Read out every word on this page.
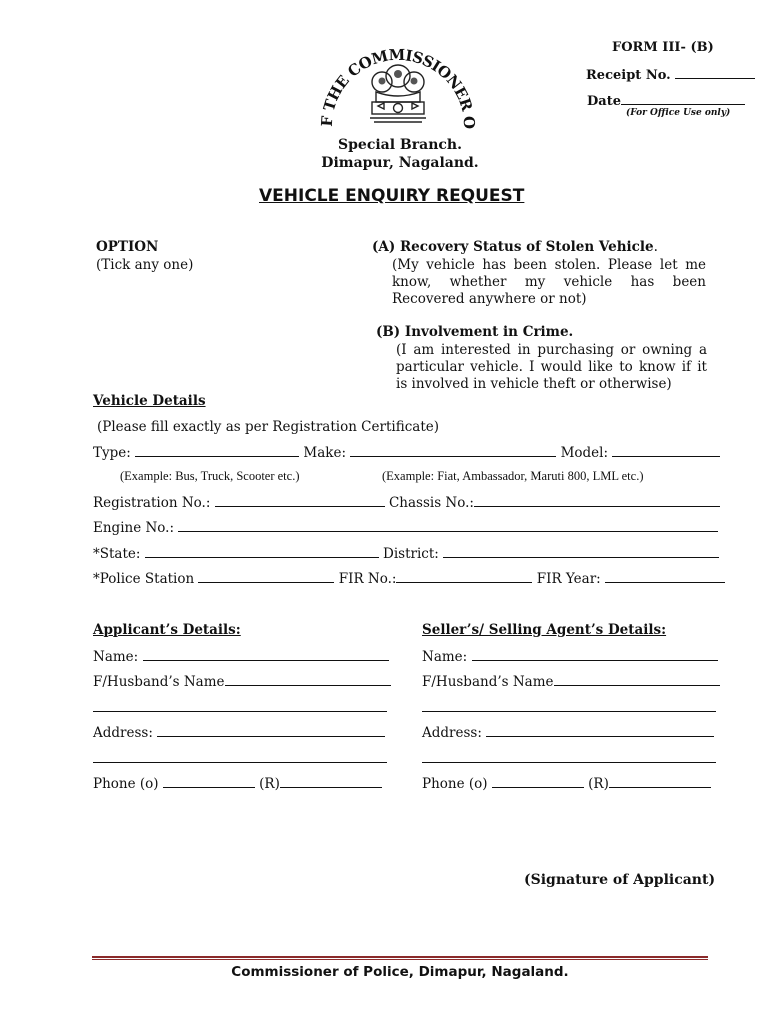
F THE COMMISSIONER O
Special Branch.
Dimapur, Nagaland.
FORM III- (B)
Receipt No.
Date
(For Office Use only)
VEHICLE ENQUIRY REQUEST
OPTION
(Tick any one)
(A) Recovery Status of Stolen Vehicle.
(My vehicle has been stolen. Please let me know, whether my vehicle has been Recovered anywhere or not)
(B) Involvement in Crime.
(I am interested in purchasing or owning a particular vehicle. I would like to know if it is involved in vehicle theft or otherwise)
Vehicle Details
(Please fill exactly as per Registration Certificate)
Type:	Make:	Model:
(Example: Bus, Truck, Scooter etc.)	(Example: Fiat, Ambassador, Maruti 800, LML etc.)
Registration No.:	Chassis No.:
Engine No.:
*State:	District:
*Police Station	FIR No.:	FIR Year:
Applicant’s Details:
Name:
F/Husband’s Name
Address:
Phone (o)	(R)
Seller’s/ Selling Agent’s Details:
Name:
F/Husband’s Name
Address:
Phone (o)	(R)
(Signature of Applicant)
Commissioner of Police, Dimapur, Nagaland.
